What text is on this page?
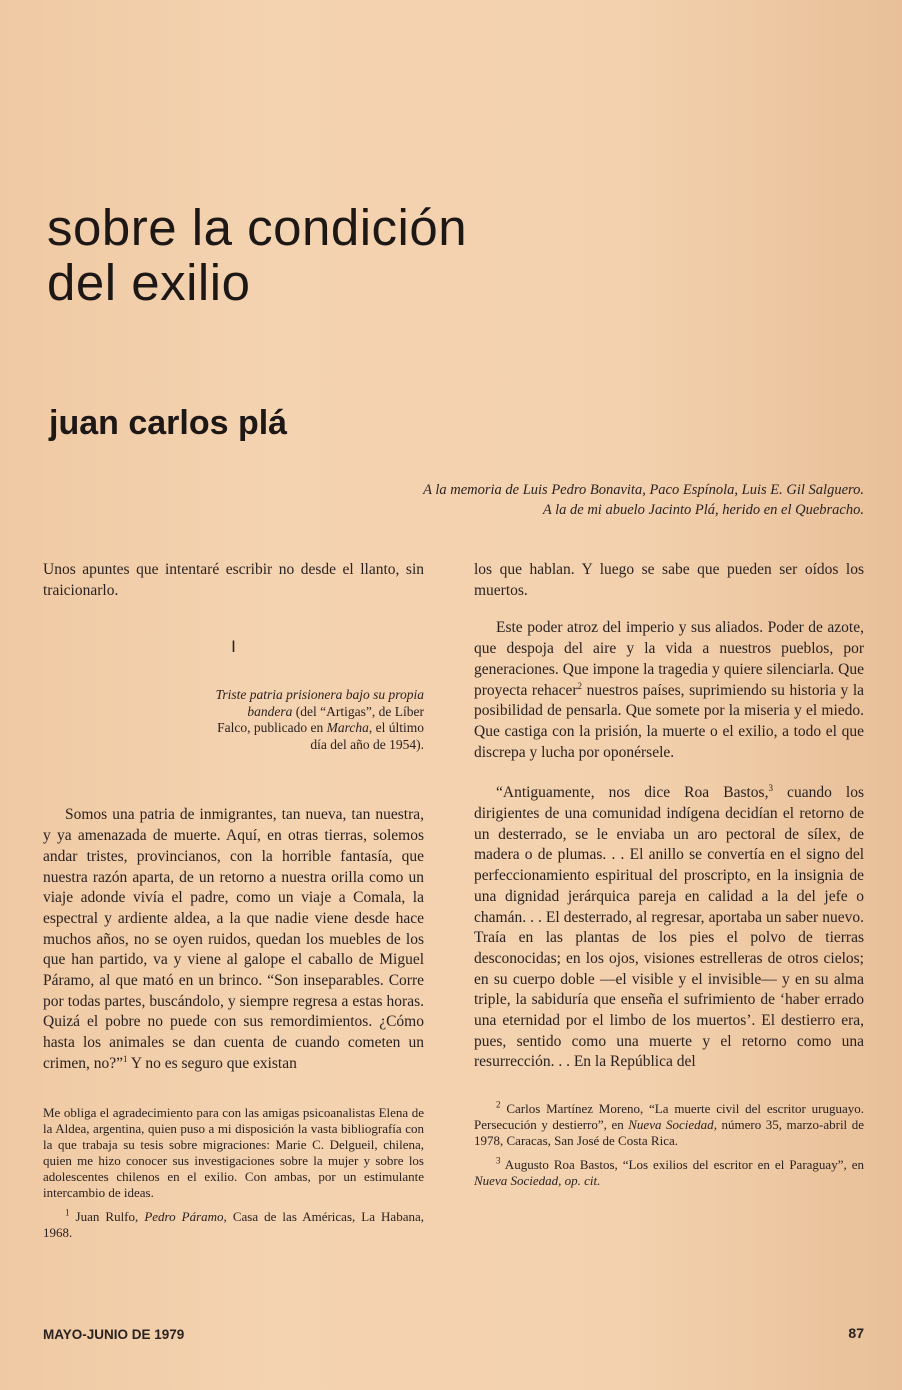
sobre la condición
del exilio
juan carlos plá
A la memoria de Luis Pedro Bonavita, Paco Espínola, Luis E. Gil Salguero.
A la de mi abuelo Jacinto Plá, herido en el Quebracho.

Unos apuntes que intentaré escribir no desde el llanto, sin traicionarlo.

I
Triste patria prisionera bajo su propia bandera (del “Artigas”, de Líber Falco, publicado en Marcha, el último día del año de 1954).

Somos una patria de inmigrantes, tan nueva, tan nuestra, y ya amenazada de muerte. Aquí, en otras tierras, solemos andar tristes, provincianos, con la horrible fantasía, que nuestra razón aparta, de un retorno a nuestra orilla como un viaje adonde vivía el padre, como un viaje a Comala, la espectral y ardiente aldea, a la que nadie viene desde hace muchos años, no se oyen ruidos, quedan los muebles de los que han partido, va y viene al galope el caballo de Miguel Páramo, al que mató en un brinco. “Son inseparables. Corre por todas partes, buscándolo, y siempre regresa a estas horas. Quizá el pobre no puede con sus remordimientos. ¿Cómo hasta los animales se dan cuenta de cuando cometen un crimen, no?”$^1$ Y no es seguro que existan

Me obliga el agradecimiento para con las amigas psicoanalistas Elena de la Aldea, argentina, quien puso a mi disposición la vasta bibliografía con la que trabaja su tesis sobre migraciones: Marie C. Delgueil, chilena, quien me hizo conocer sus investigaciones sobre la mujer y sobre los adolescentes chilenos en el exilio. Con ambas, por un estimulante intercambio de ideas.

$^1$ Juan Rulfo, Pedro Páramo, Casa de las Américas, La Habana, 1968.

los que hablan. Y luego se sabe que pueden ser oídos los muertos.

Este poder atroz del imperio y sus aliados. Poder de azote, que despoja del aire y la vida a nuestros pueblos, por generaciones. Que impone la tragedia y quiere silenciarla. Que proyecta rehacer$^2$ nuestros países, suprimiendo su historia y la posibilidad de pensarla. Que somete por la miseria y el miedo. Que castiga con la prisión, la muerte o el exilio, a todo el que discrepa y lucha por oponérsele.

“Antiguamente, nos dice Roa Bastos,$^3$ cuando los dirigientes de una comunidad indígena decidían el retorno de un desterrado, se le enviaba un aro pectoral de sílex, de madera o de plumas. . . El anillo se convertía en el signo del perfeccionamiento espiritual del proscripto, en la insignia de una dignidad jerárquica pareja en calidad a la del jefe o chamán. . . El desterrado, al regresar, aportaba un saber nuevo. Traía en las plantas de los pies el polvo de tierras desconocidas; en los ojos, visiones estrelleras de otros cielos; en su cuerpo doble —el visible y el invisible— y en su alma triple, la sabiduría que enseña el sufrimiento de ‘haber errado una eternidad por el limbo de los muertos’. El destierro era, pues, sentido como una muerte y el retorno como una resurrección. . . En la República del

$^2$ Carlos Martínez Moreno, “La muerte civil del escritor uruguayo. Persecución y destierro”, en Nueva Sociedad, número 35, marzo-abril de 1978, Caracas, San José de Costa Rica.

$^3$ Augusto Roa Bastos, “Los exilios del escritor en el Paraguay”, en Nueva Sociedad, op. cit.

MAYO-JUNIO DE 1979	87
